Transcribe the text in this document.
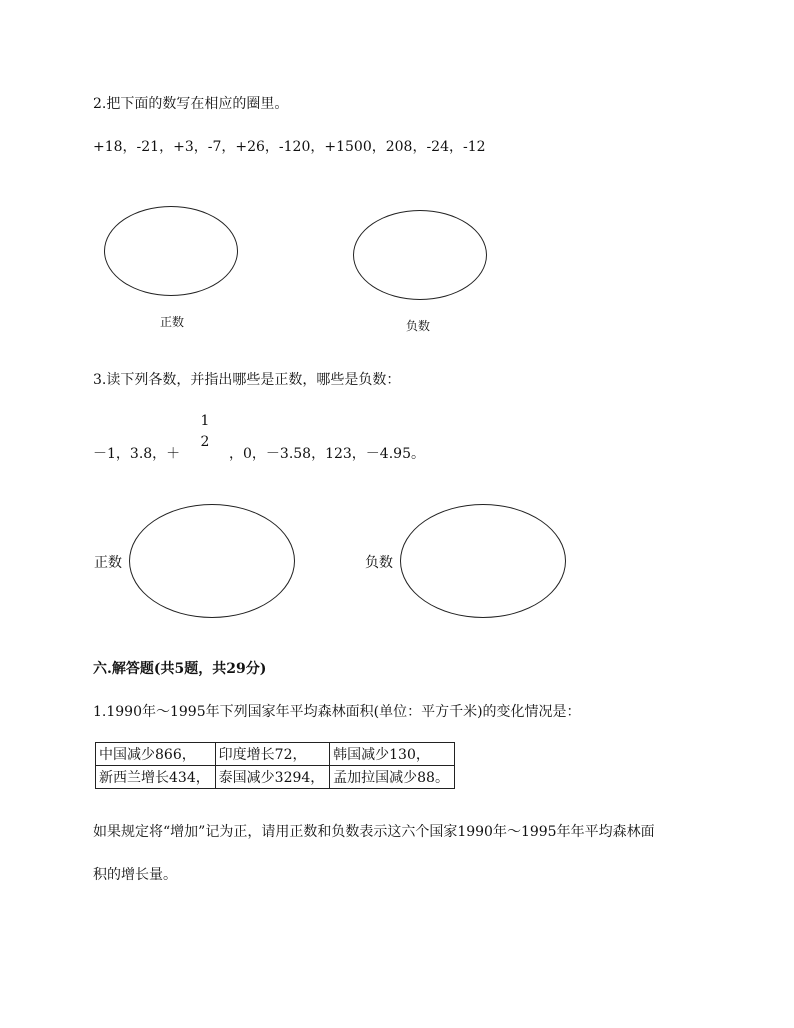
2.把下面的数写在相应的圈里。
+18，-21，+3，-7，+26，-120，+1500，208，-24，-12
正数	负数
3.读下列各数，并指出哪些是正数，哪些是负数：
－1，3.8，＋
1
2
，0，－3.58，123，－4.95。
正数	负数
六.解答题(共5题，共29分)
1.1990年～1995年下列国家年平均森林面积(单位：平方千米)的变化情况是：
中国减少866，	印度增长72，	韩国减少130，
新西兰增长434，	泰国减少3294，	孟加拉国减少88。
如果规定将“增加”记为正，请用正数和负数表示这六个国家1990年～1995年年平均森林面
积的增长量。
